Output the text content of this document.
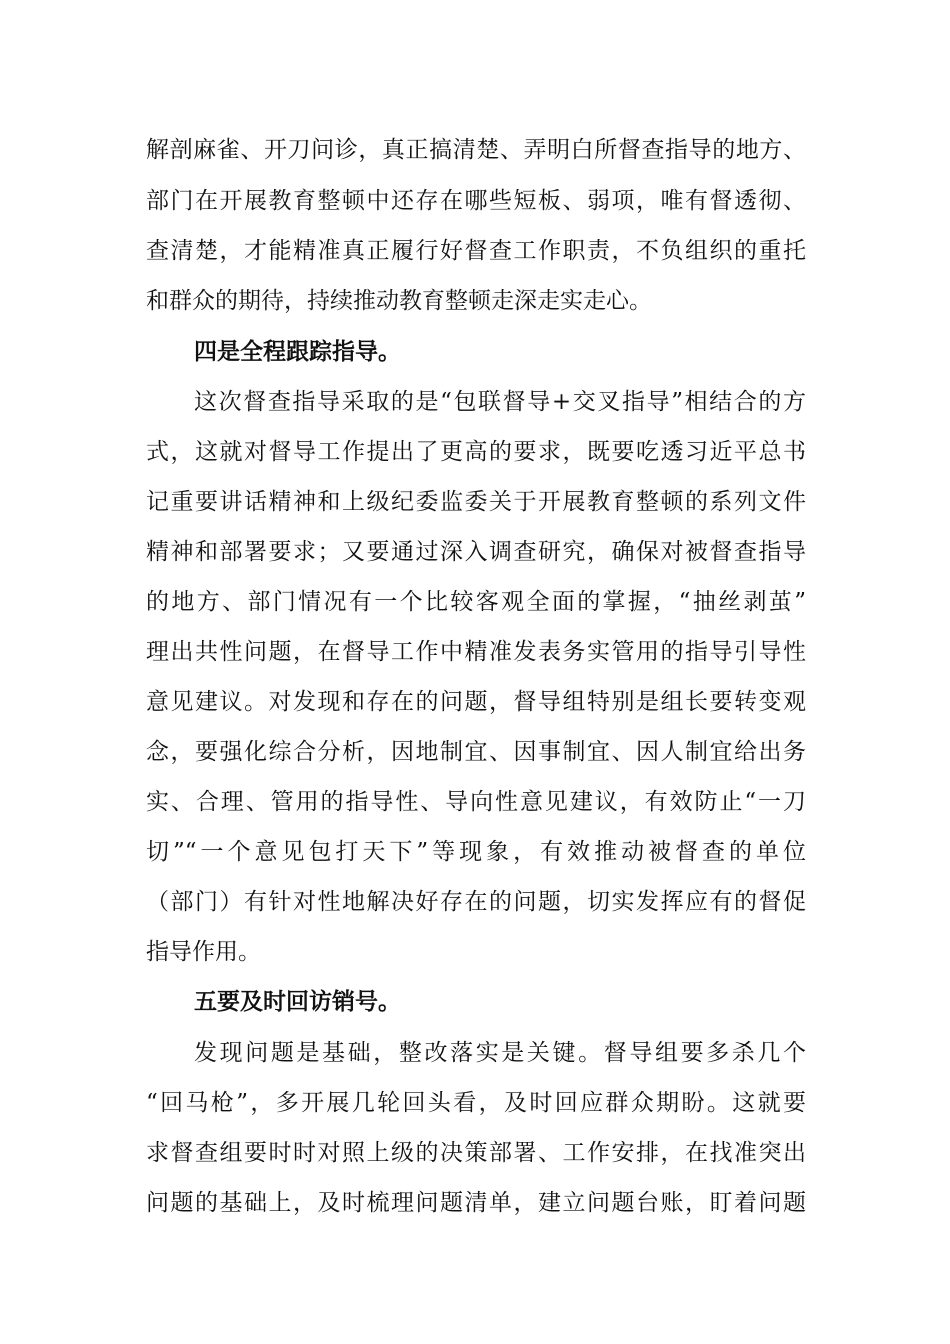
解剖麻雀、开刀问诊，真正搞清楚、弄明白所督查指导的地方、
部门在开展教育整顿中还存在哪些短板、弱项，唯有督透彻、
查清楚，才能精准真正履行好督查工作职责，不负组织的重托
和群众的期待，持续推动教育整顿走深走实走心。
四是全程跟踪指导。
这次督查指导采取的是“包联督导+交叉指导”相结合的方
式，这就对督导工作提出了更高的要求，既要吃透习近平总书
记重要讲话精神和上级纪委监委关于开展教育整顿的系列文件
精神和部署要求；又要通过深入调查研究，确保对被督查指导
的地方、部门情况有一个比较客观全面的掌握，“抽丝剥茧”
理出共性问题，在督导工作中精准发表务实管用的指导引导性
意见建议。对发现和存在的问题，督导组特别是组长要转变观
念，要强化综合分析，因地制宜、因事制宜、因人制宜给出务
实、合理、管用的指导性、导向性意见建议，有效防止“一刀
切”“一个意见包打天下”等现象，有效推动被督查的单位
（部门）有针对性地解决好存在的问题，切实发挥应有的督促
指导作用。
五要及时回访销号。
发现问题是基础，整改落实是关键。督导组要多杀几个
“回马枪”，多开展几轮回头看，及时回应群众期盼。这就要
求督查组要时时对照上级的决策部署、工作安排，在找准突出
问题的基础上，及时梳理问题清单，建立问题台账，盯着问题
